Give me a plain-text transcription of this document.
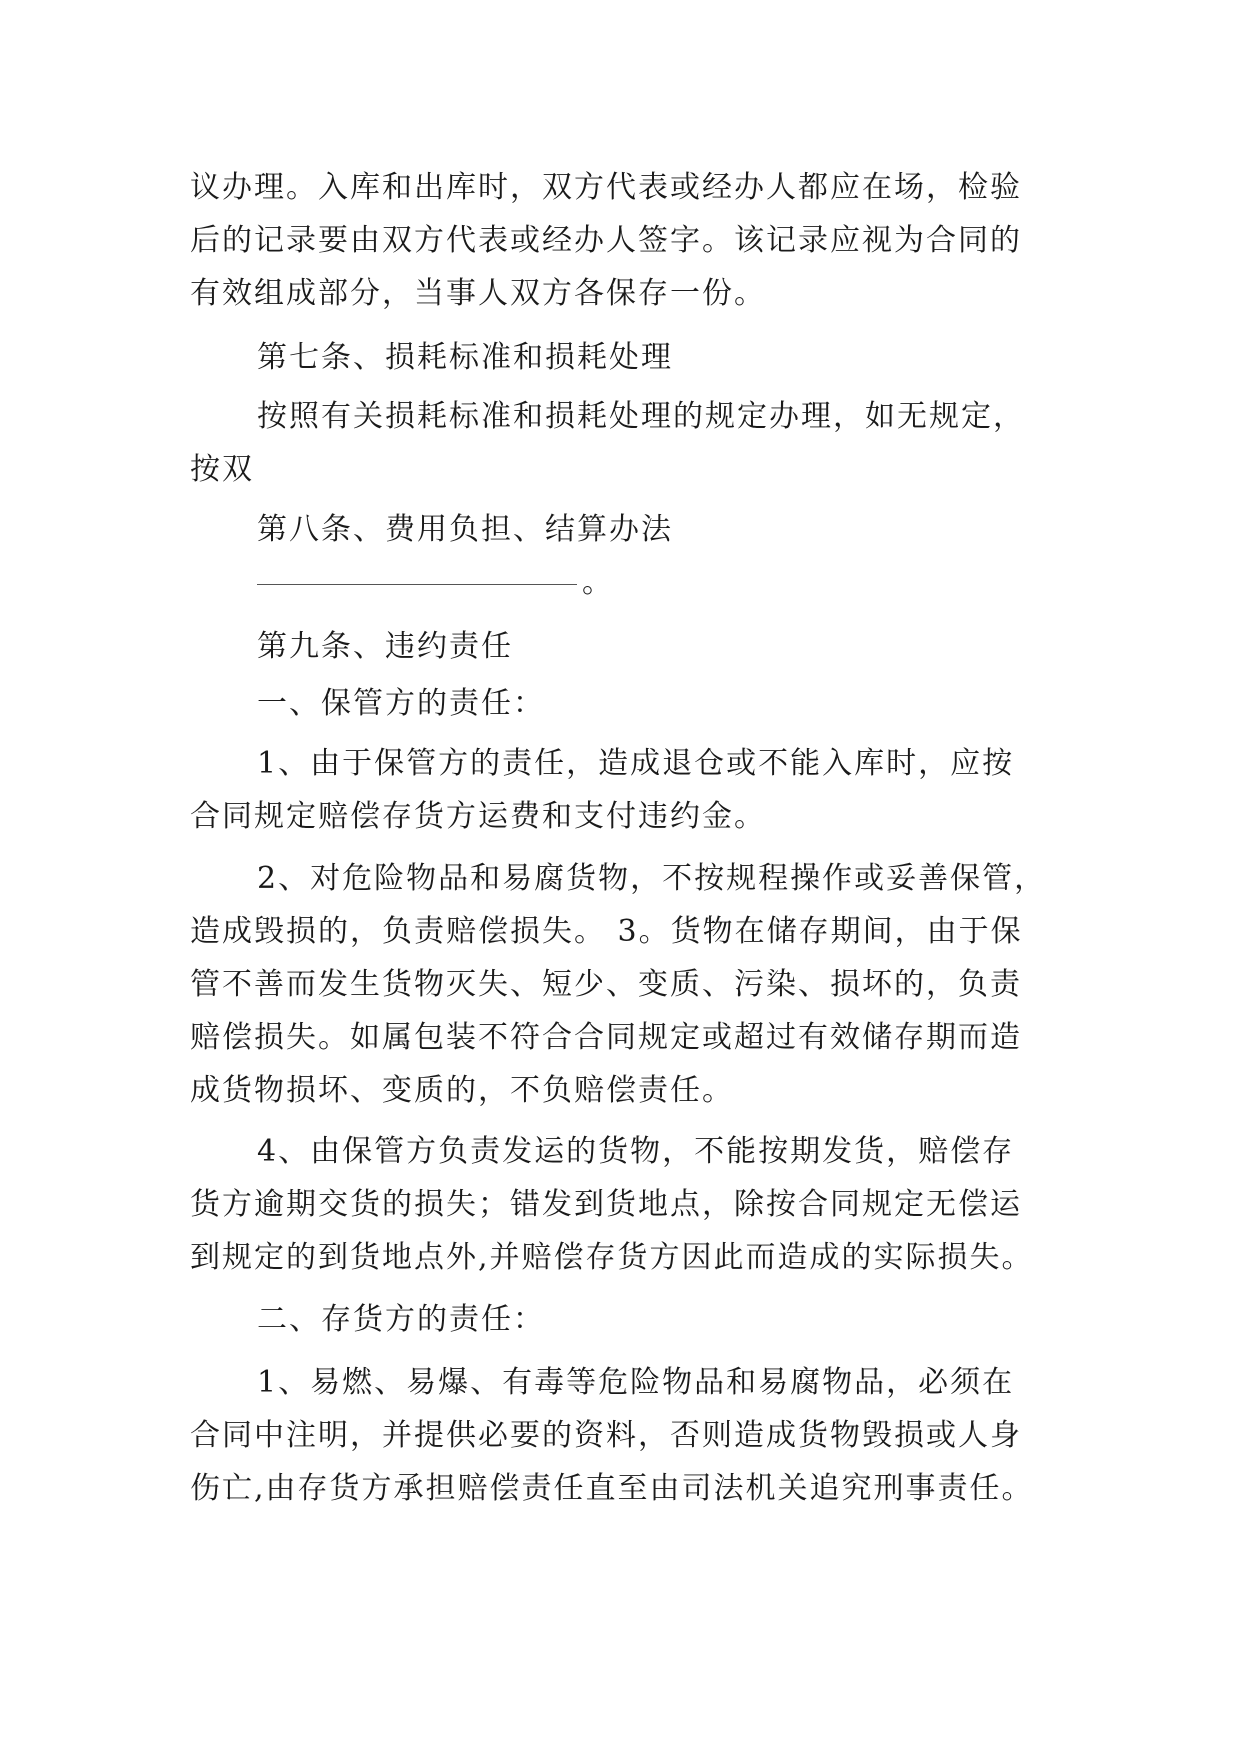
议办理。入库和出库时，双方代表或经办人都应在场，检验
后的记录要由双方代表或经办人签字。该记录应视为合同的
有效组成部分，当事人双方各保存一份。
第七条、损耗标准和损耗处理
按照有关损耗标准和损耗处理的规定办理，如无规定，
按双
第八条、费用负担、结算办法
。
第九条、违约责任
一、保管方的责任：
1、由于保管方的责任，造成退仓或不能入库时，应按
合同规定赔偿存货方运费和支付违约金。
2、对危险物品和易腐货物，不按规程操作或妥善保管，
造成毁损的，负责赔偿损失。 3。货物在储存期间，由于保
管不善而发生货物灭失、短少、变质、污染、损坏的，负责
赔偿损失。如属包装不符合合同规定或超过有效储存期而造
成货物损坏、变质的，不负赔偿责任。
4、由保管方负责发运的货物，不能按期发货，赔偿存
货方逾期交货的损失；错发到货地点，除按合同规定无偿运
到规定的到货地点外,并赔偿存货方因此而造成的实际损失。
二、存货方的责任：
1、易燃、易爆、有毒等危险物品和易腐物品，必须在
合同中注明，并提供必要的资料，否则造成货物毁损或人身
伤亡,由存货方承担赔偿责任直至由司法机关追究刑事责任。
